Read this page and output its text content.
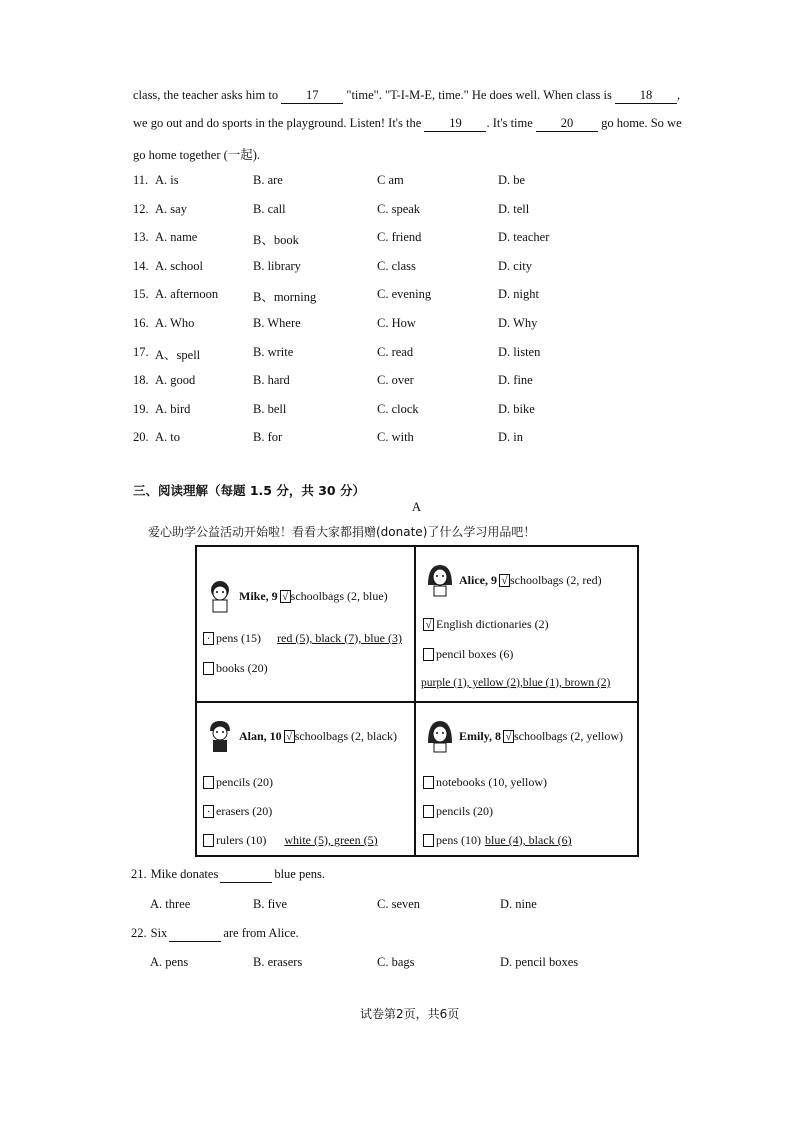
class, the teacher asks him to 17 "time". "T-I-M-E, time." He does well. When class is 18 ,
we go out and do sports in the playground. Listen! It's the 19 . It's time 20 go home. So we
go home together (一起).
11. A. is	B. are	C am	D. be
12. A. say	B. call	C. speak	D. tell
13. A. name	B、book	C. friend	D. teacher
14. A. school	B. library	C. class	D. city
15. A. afternoon	B、morning	C. evening	D. night
16. A. Who	B. Where	C. How	D. Why
17. A、spell	B. write	C. read	D. listen
18. A. good	B. hard	C. over	D. fine
19. A. bird	B. bell	C. clock	D. bike
20. A. to	B. for	C. with	D. in
三、阅读理解（每题 1.5 分，共 30 分）
A
爱心助学公益活动开始啦！看看大家都捐赠(donate)了什么学习用品吧！
Mike, 9 √ schoolbags (2, blue)
· pens (15) red (5), black (7), blue (3)
books (20)
Alice, 9 √ schoolbags (2, red)
√ English dictionaries (2)
pencil boxes (6)
purple (1), yellow (2),blue (1), brown (2)
Alan, 10 √ schoolbags (2, black)
pencils (20)
· erasers (20)
rulers (10) white (5), green (5)
Emily, 8 √ schoolbags (2, yellow)
notebooks (10, yellow)
pencils (20)
pens (10) blue (4), black (6)
21. Mike donates	blue pens.
A. three	B. five	C. seven	D. nine
22. Six	are from Alice.
A. pens	B. erasers	C. bags	D. pencil boxes
试卷第2页，共6页
